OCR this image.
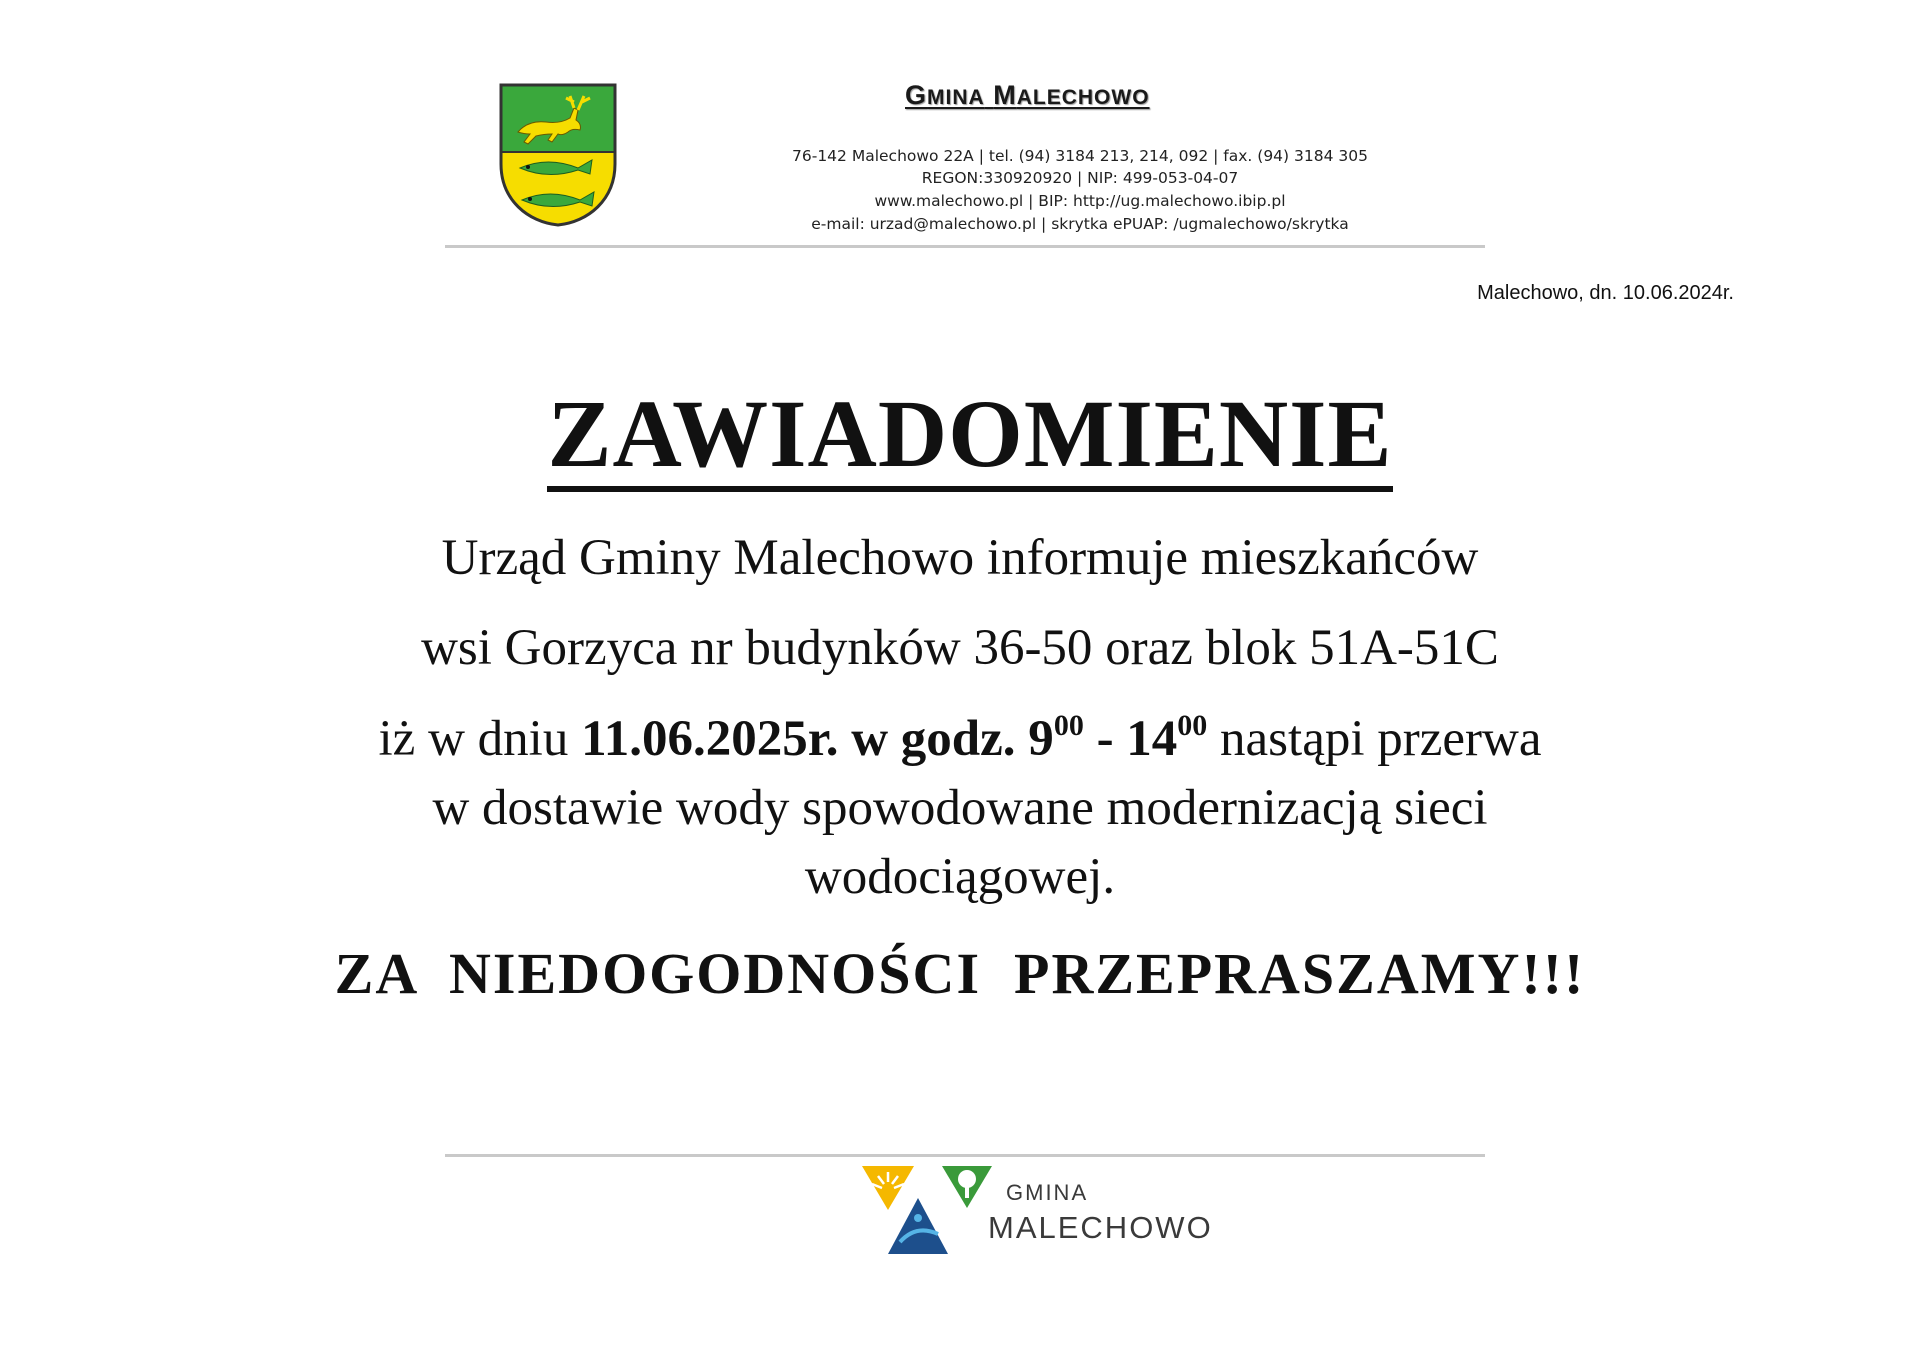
GMINA MALECHOWO
76-142 Malechowo 22A | tel. (94) 3184 213, 214, 092 | fax. (94) 3184 305
REGON:330920920 | NIP: 499-053-04-07
www.malechowo.pl | BIP: http://ug.malechowo.ibip.pl
e-mail: urzad@malechowo.pl | skrytka ePUAP: /ugmalechowo/skrytka
Malechowo, dn. 10.06.2024r.
ZAWIADOMIENIE
Urząd Gminy Malechowo informuje mieszkańców
wsi Gorzyca nr budynków 36-50 oraz blok 51A-51C
iż w dniu 11.06.2025r. w godz. $9^{00} - 14^{00}$ nastąpi przerwa
w dostawie wody spowodowane modernizacją sieci
wodociągowej.
ZA  NIEDOGODNOŚCI  PRZEPRASZAMY!!!
GMINA
MALECHOWO
